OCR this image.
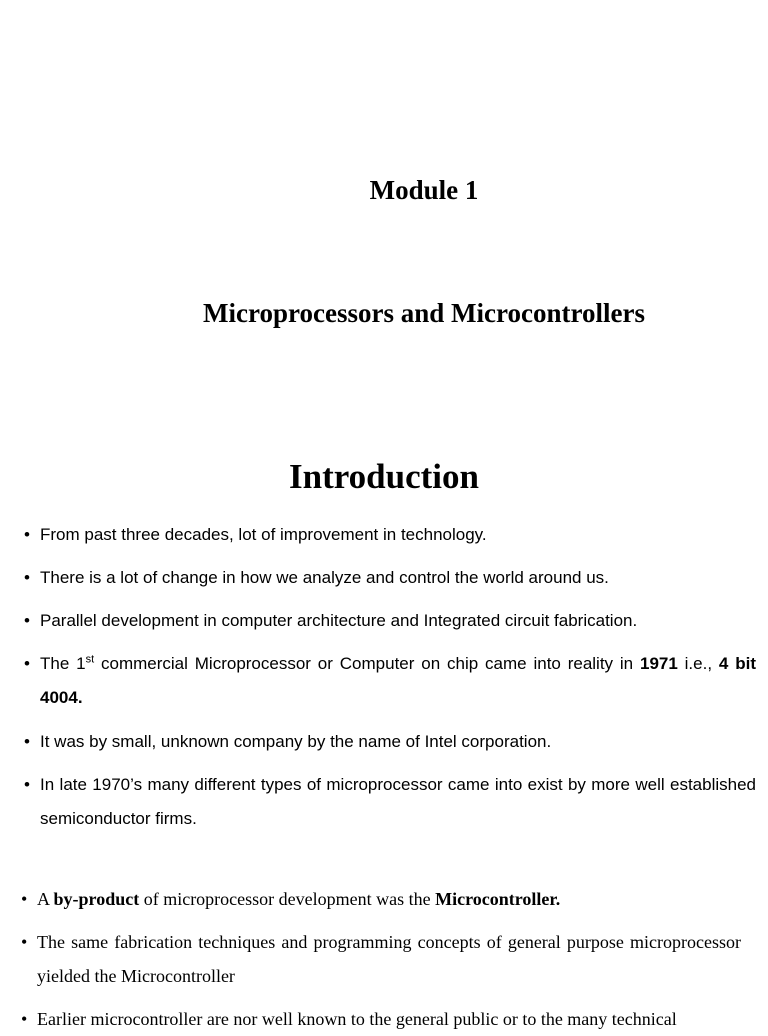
Module 1
Microprocessors and Microcontrollers
Introduction
• From past three decades, lot of improvement in technology.
• There is a lot of change in how we analyze and control the world around us.
• Parallel development in computer architecture and Integrated circuit fabrication.
• The 1st commercial Microprocessor or Computer on chip came into reality in 1971 i.e., 4 bit 4004.
• It was by small, unknown company by the name of Intel corporation.
• In late 1970’s many different types of microprocessor came into exist by more well established semiconductor firms.
• A by-product of microprocessor development was the Microcontroller.
• The same fabrication techniques and programming concepts of general purpose microprocessor yielded the Microcontroller
• Earlier microcontroller are nor well known to the general public or to the many technical
